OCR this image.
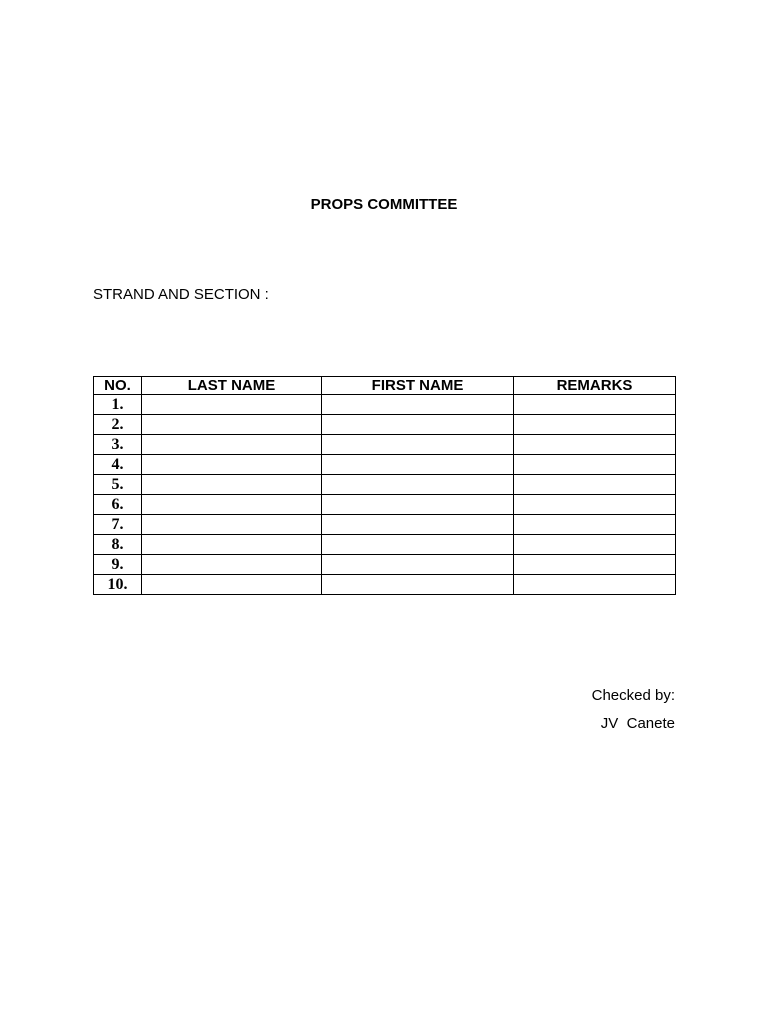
PROPS COMMITTEE
STRAND AND SECTION :
NO.	LAST NAME	FIRST NAME	REMARKS
1.			
2.			
3.			
4.			
5.			
6.			
7.			
8.			
9.			
10.			
Checked by:
JV  Canete
